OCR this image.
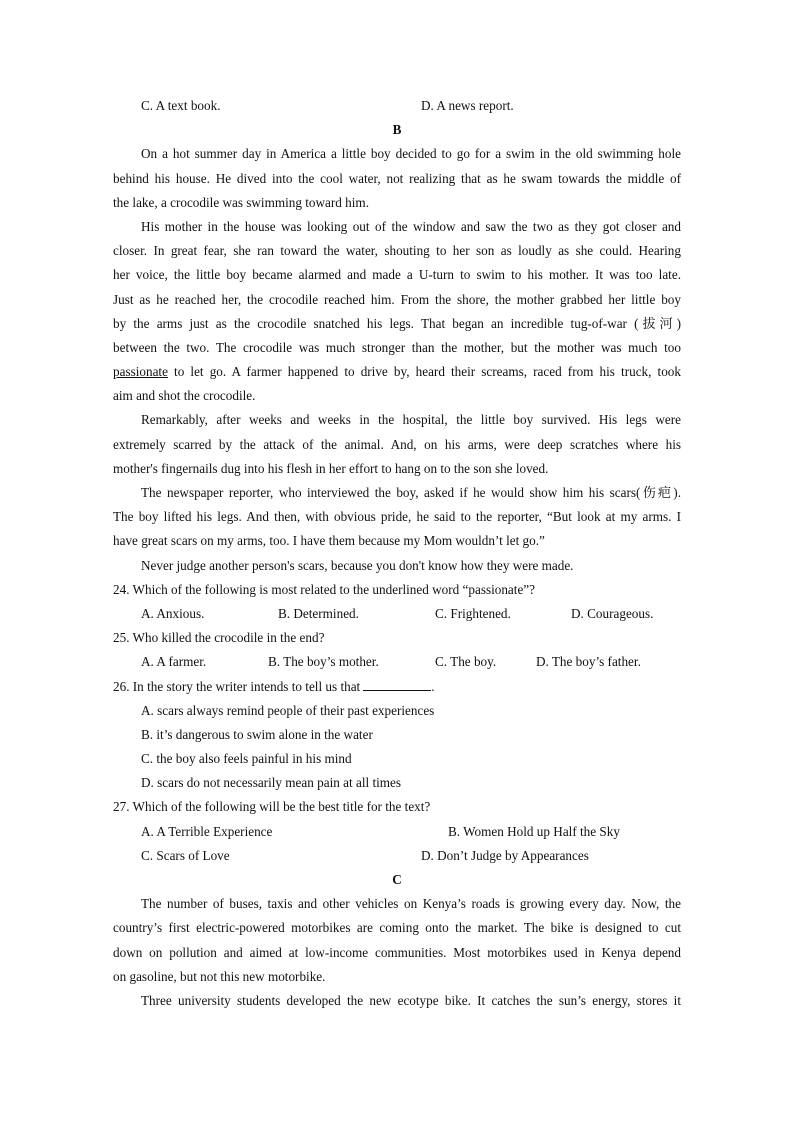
C. A text book.	D. A news report.
B
On a hot summer day in America a little boy decided to go for a swim in the old swimming hole
behind his house. He dived into the cool water, not realizing that as he swam towards the middle of
the lake, a crocodile was swimming toward him.
His mother in the house was looking out of the window and saw the two as they got closer and
closer. In great fear, she ran toward the water, shouting to her son as loudly as she could. Hearing
her voice, the little boy became alarmed and made a U-turn to swim to his mother. It was too late.
Just as he reached her, the crocodile reached him. From the shore, the mother grabbed her little boy
by the arms just as the crocodile snatched his legs. That began an incredible tug-of-war (拔河)
between the two. The crocodile was much stronger than the mother, but the mother was much too
passionate to let go. A farmer happened to drive by, heard their screams, raced from his truck, took
aim and shot the crocodile.
Remarkably, after weeks and weeks in the hospital, the little boy survived. His legs were
extremely scarred by the attack of the animal. And, on his arms, were deep scratches where his
mother's fingernails dug into his flesh in her effort to hang on to the son she loved.
The newspaper reporter, who interviewed the boy, asked if he would show him his scars(伤疤).
The boy lifted his legs. And then, with obvious pride, he said to the reporter, “But look at my arms. I
have great scars on my arms, too. I have them because my Mom wouldn’t let go.”
Never judge another person's scars, because you don't know how they were made.
24. Which of the following is most related to the underlined word “passionate”?
A. Anxious.	B. Determined.	C. Frightened.	D. Courageous.
25. Who killed the crocodile in the end?
A. A farmer.	B. The boy’s mother.	C. The boy.	D. The boy’s father.
26. In the story the writer intends to tell us that	.
A. scars always remind people of their past experiences
B. it’s dangerous to swim alone in the water
C. the boy also feels painful in his mind
D. scars do not necessarily mean pain at all times
27. Which of the following will be the best title for the text?
A. A Terrible Experience	B. Women Hold up Half the Sky
C. Scars of Love	D. Don’t Judge by Appearances
C
The number of buses, taxis and other vehicles on Kenya’s roads is growing every day. Now, the
country’s first electric-powered motorbikes are coming onto the market. The bike is designed to cut
down on pollution and aimed at low-income communities. Most motorbikes used in Kenya depend
on gasoline, but not this new motorbike.
Three university students developed the new ecotype bike. It catches the sun’s energy, stores it
